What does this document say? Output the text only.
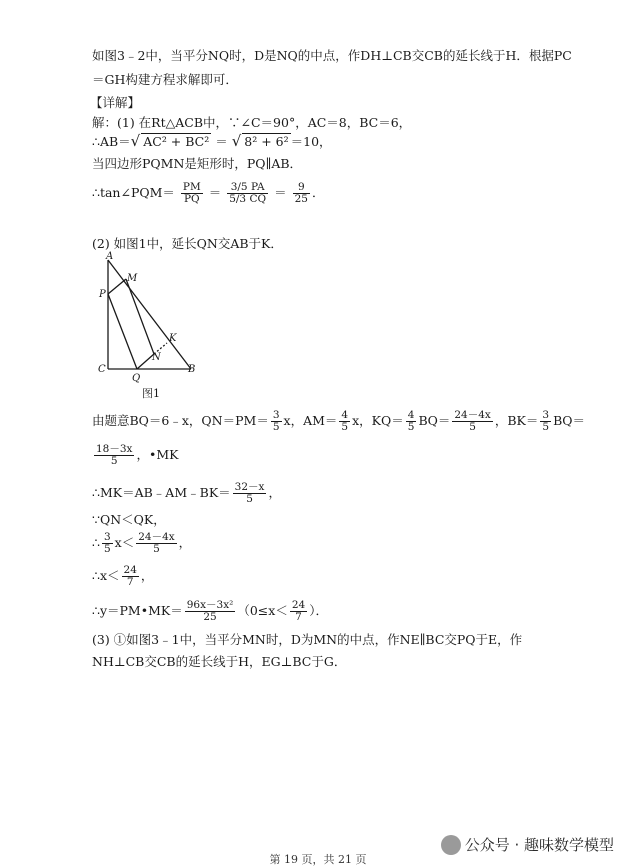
如图3﹣2中，当平分NQ时，D是NQ的中点，作DH⊥CB交CB的延长线于H．根据PC
＝GH构建方程求解即可．
【详解】
解：(1) 在Rt△ACB中，∵∠C＝90°，AC＝8，BC＝6，
∴AB＝√ AC² + BC² ＝ √ 8² + 6² ＝10，
当四边形PQMN是矩形时，PQ∥AB．
∴tan∠PQM＝ $\frac{PM}{PQ} = \frac{3/5 PA}{5/3 CQ} = \frac{9}{25}$ ．
(2) 如图1中，延长QN交AB于K．
A
M
P
K
N
C
Q
B
图1
由题意BQ＝6﹣x，$QN=PM= \frac{3}{5}$ x，$AM= \frac{4}{5}$ x，$KQ= \frac{4}{5} BQ= \frac{24-4x}{5}$ ，$BK= \frac{3}{5} BQ=$
$\frac{18-3x}{5}$ ，•MK
∴MK＝AB﹣AM﹣BK＝ $\frac{32-x}{5}$ ，
∵QN＜QK，
∴ $\frac{3}{5} x< \frac{24-4x}{5}$ ，
∴x＜ $\frac{24}{7}$ ，
∴y＝PM•MK＝ $\frac{\text{96x－3x²}}{25} (0\le x< \frac{24}{7}$ ）．
(3) ①如图3﹣1中，当平分MN时，D为MN的中点，作NE∥BC交PQ于E，作
NH⊥CB交CB的延长线于H，EG⊥BC于G．
公众号 · 趣味数学模型
第 19 页，共 21 页
